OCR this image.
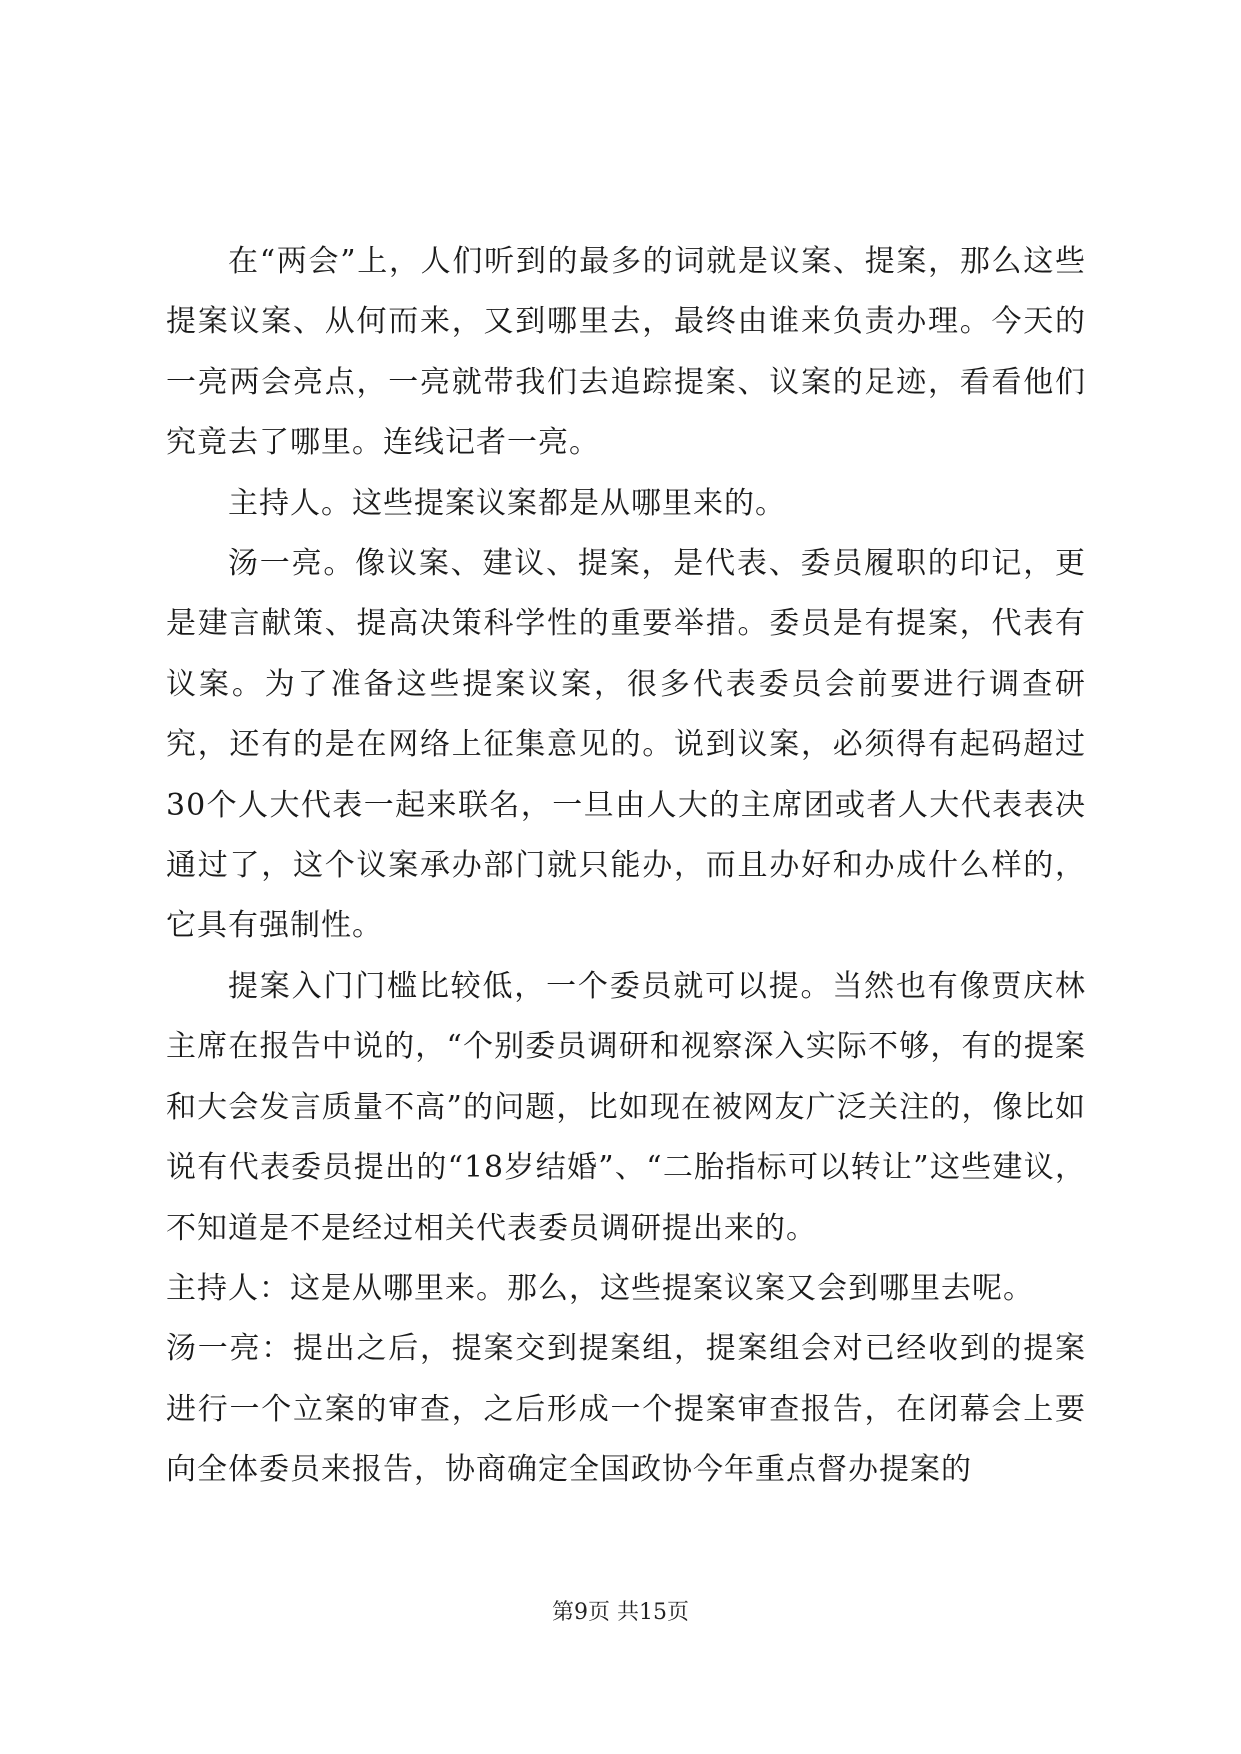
在“两会”上，人们听到的最多的词就是议案、提案，那么这些提案议案、从何而来，又到哪里去，最终由谁来负责办理。今天的一亮两会亮点，一亮就带我们去追踪提案、议案的足迹，看看他们究竟去了哪里。连线记者一亮。

主持人。这些提案议案都是从哪里来的。

汤一亮。像议案、建议、提案，是代表、委员履职的印记，更是建言献策、提高决策科学性的重要举措。委员是有提案，代表有议案。为了准备这些提案议案，很多代表委员会前要进行调查研究，还有的是在网络上征集意见的。说到议案，必须得有起码超过30个人大代表一起来联名，一旦由人大的主席团或者人大代表表决通过了，这个议案承办部门就只能办，而且办好和办成什么样的，它具有强制性。

提案入门门槛比较低，一个委员就可以提。当然也有像贾庆林主席在报告中说的，“个别委员调研和视察深入实际不够，有的提案和大会发言质量不高”的问题，比如现在被网友广泛关注的，像比如说有代表委员提出的“18岁结婚”、“二胎指标可以转让”这些建议，不知道是不是经过相关代表委员调研提出来的。

主持人：这是从哪里来。那么，这些提案议案又会到哪里去呢。

汤一亮：提出之后，提案交到提案组，提案组会对已经收到的提案进行一个立案的审查，之后形成一个提案审查报告，在闭幕会上要向全体委员来报告，协商确定全国政协今年重点督办提案的

第9页 共15页
